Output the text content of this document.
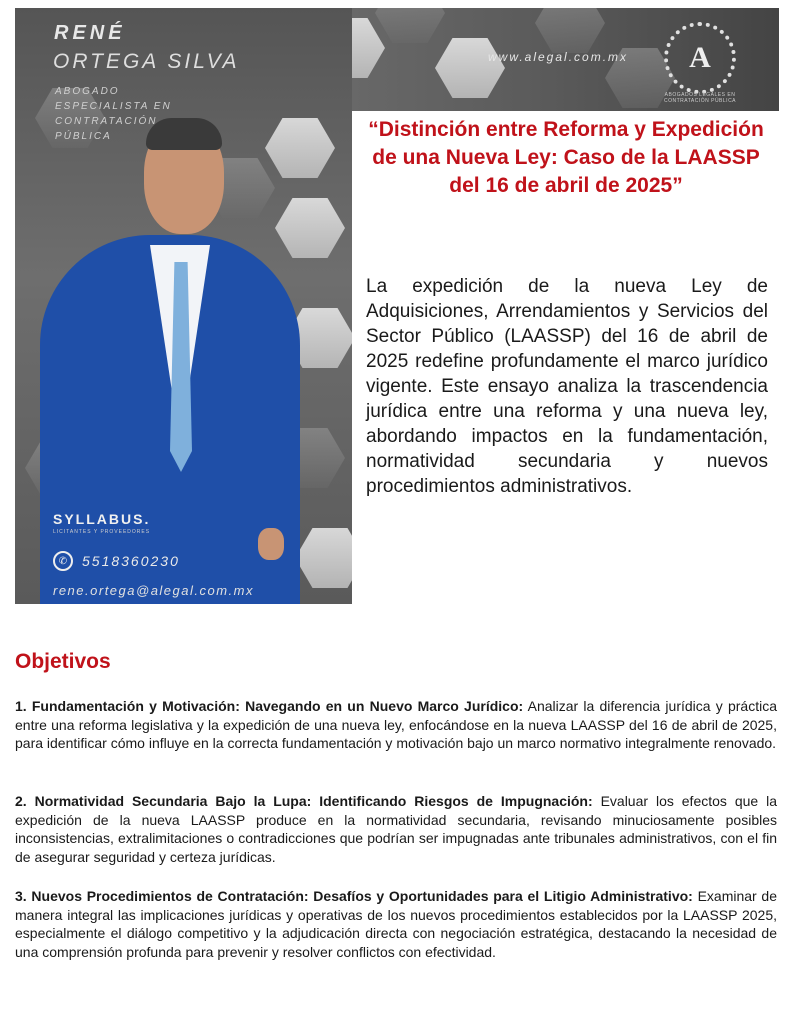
RENÉ
ORTEGA SILVA
ABOGADO ESPECIALISTA EN CONTRATACIÓN PÚBLICA
www.alegal.com.mx A
ABOGADOS LEGALES EN CONTRATACIÓN PÚBLICA
SYLLABUS.
LICITANTES Y PROVEEDORES
✆	5518360230
rene.ortega@alegal.com.mx
“Distinción entre Reforma y Expedición de una Nueva Ley: Caso de la LAASSP del 16 de abril de 2025”
La expedición de la nueva Ley de Adquisiciones, Arrendamientos y Servicios del Sector Público (LAASSP) del 16 de abril de 2025 redefine profundamente el marco jurídico vigente. Este ensayo analiza la trascendencia jurídica entre una reforma y una nueva ley, abordando impactos en la fundamentación, normatividad secundaria y nuevos procedimientos administrativos.
Objetivos
1. Fundamentación y Motivación: Navegando en un Nuevo Marco Jurídico: Analizar la diferencia jurídica y práctica entre una reforma legislativa y la expedición de una nueva ley, enfocándose en la nueva LAASSP del 16 de abril de 2025, para identificar cómo influye en la correcta fundamentación y motivación bajo un marco normativo integralmente renovado.
2. Normatividad Secundaria Bajo la Lupa: Identificando Riesgos de Impugnación: Evaluar los efectos que la expedición de la nueva LAASSP produce en la normatividad secundaria, revisando minuciosamente posibles inconsistencias, extralimitaciones o contradicciones que podrían ser impugnadas ante tribunales administrativos, con el fin de asegurar seguridad y certeza jurídicas.
3. Nuevos Procedimientos de Contratación: Desafíos y Oportunidades para el Litigio Administrativo: Examinar de manera integral las implicaciones jurídicas y operativas de los nuevos procedimientos establecidos por la LAASSP 2025, especialmente el diálogo competitivo y la adjudicación directa con negociación estratégica, destacando la necesidad de una comprensión profunda para prevenir y resolver conflictos con efectividad.
